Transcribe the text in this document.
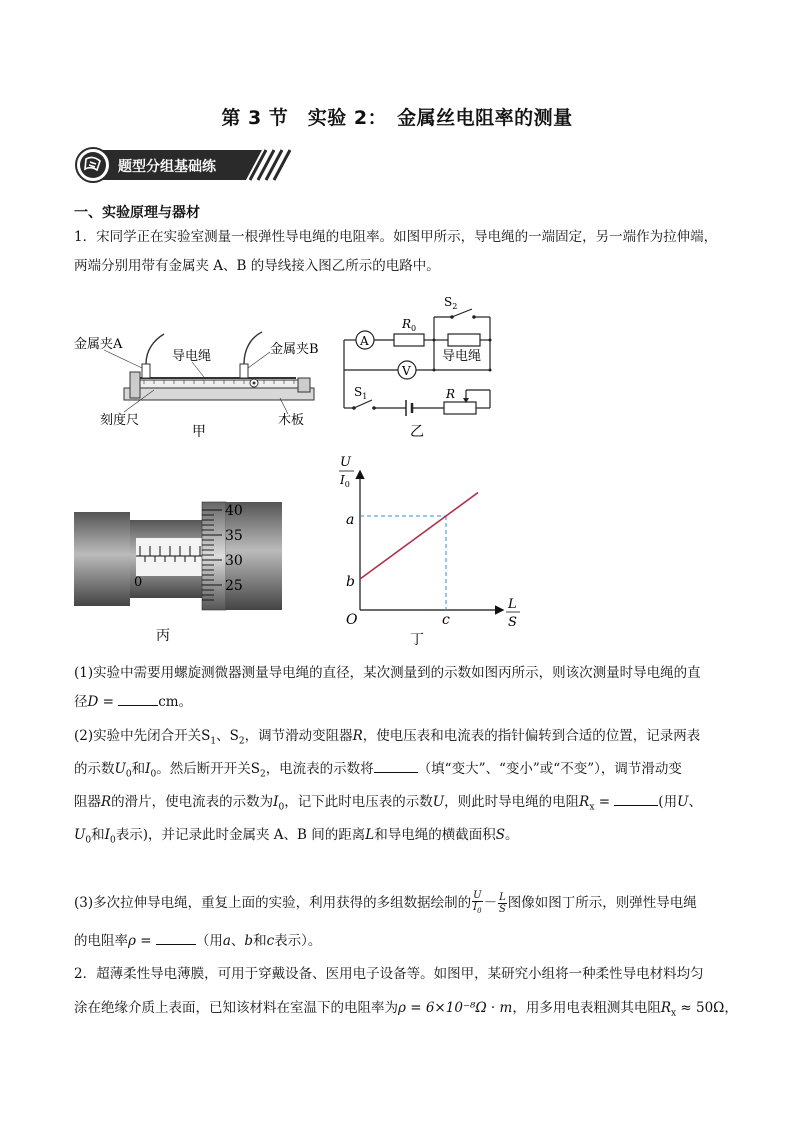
第 3 节　实验 2：　金属丝电阻率的测量
题型分组基础练
一、实验原理与器材
1．宋同学正在实验室测量一根弹性导电绳的电阻率。如图甲所示，导电绳的一端固定，另一端作为拉伸端，
两端分别用带有金属夹 A、B 的导线接入图乙所示的电路中。
金属夹A
导电绳	金属夹B
刻度尺	木板
甲
A
V
$S_2$
$R_0$
导电绳
$S_1$	R
乙
0
40
35
30
25
丙
U
$I_0$
L
S
a
b
c
O
丁
(1)实验中需要用螺旋测微器测量导电绳的直径，某次测量到的示数如图丙所示，则该次测量时导电绳的直
径D =	cm。
(2)实验中先闭合开关$S_1$、$S_2$，调节滑动变阻器R，使电压表和电流表的指针偏转到合适的位置，记录两表
的示数$U_0$和$I_0$。然后断开开关$S_2$，电流表的示数将	（填“变大”、“变小”或“不变”），调节滑动变
阻器R的滑片，使电流表的示数为$I_0$，记下此时电压表的示数U，则此时导电绳的电阻$R_x$ =	(用U、
$U_0$和$I_0$表示)，并记录此时金属夹 A、B 间的距离L和导电绳的横截面积S。
(3)多次拉伸导电绳，重复上面的实验，利用获得的多组数据绘制的 $\frac{U}{I_0} - \frac{L}{S}$ 图像如图丁所示，则弹性导电绳
的电阻率ρ =	（用a、b和c表示）。
2．超薄柔性导电薄膜，可用于穿戴设备、医用电子设备等。如图甲，某研究小组将一种柔性导电材料均匀
涂在绝缘介质上表面，已知该材料在室温下的电阻率为ρ = 6×10⁻⁸Ω · m，用多用电表粗测其电阻$R_x \approx 50\Omega$，
